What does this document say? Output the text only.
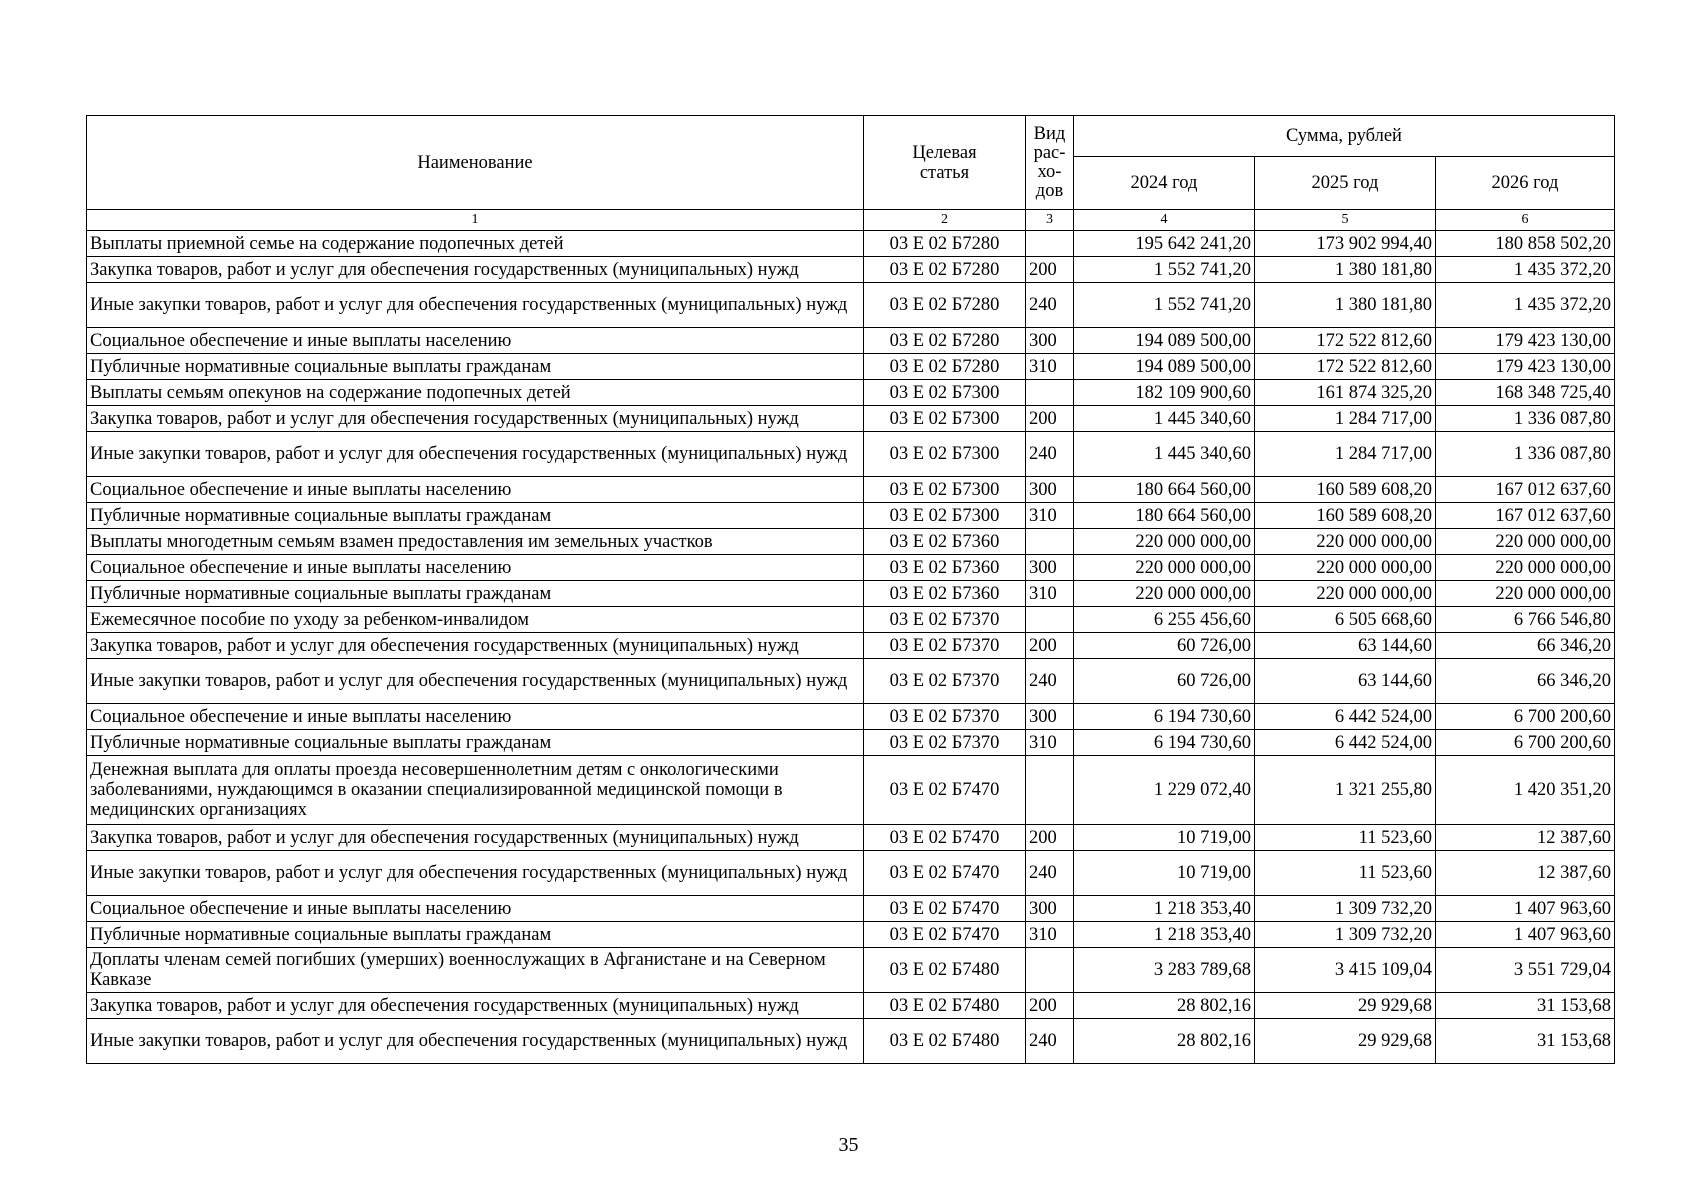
Наименование	Целевая статья	Вид
рас-
хо-
дов	Сумма, рублей		
			2024 год	2025 год	2026 год
1	2	3	4	5	6
Выплаты приемной семье на содержание подопечных детей	03 Е 02 Б7280		195 642 241,20	173 902 994,40	180 858 502,20
Закупка товаров, работ и услуг для обеспечения государственных (муниципальных) нужд	03 Е 02 Б7280	200	1 552 741,20	1 380 181,80	1 435 372,20
Иные закупки товаров, работ и услуг для обеспечения государственных (муниципальных) нужд	03 Е 02 Б7280	240	1 552 741,20	1 380 181,80	1 435 372,20
Социальное обеспечение и иные выплаты населению	03 Е 02 Б7280	300	194 089 500,00	172 522 812,60	179 423 130,00
Публичные нормативные социальные выплаты гражданам	03 Е 02 Б7280	310	194 089 500,00	172 522 812,60	179 423 130,00
Выплаты семьям опекунов на содержание подопечных детей	03 Е 02 Б7300		182 109 900,60	161 874 325,20	168 348 725,40
Закупка товаров, работ и услуг для обеспечения государственных (муниципальных) нужд	03 Е 02 Б7300	200	1 445 340,60	1 284 717,00	1 336 087,80
Иные закупки товаров, работ и услуг для обеспечения государственных (муниципальных) нужд	03 Е 02 Б7300	240	1 445 340,60	1 284 717,00	1 336 087,80
Социальное обеспечение и иные выплаты населению	03 Е 02 Б7300	300	180 664 560,00	160 589 608,20	167 012 637,60
Публичные нормативные социальные выплаты гражданам	03 Е 02 Б7300	310	180 664 560,00	160 589 608,20	167 012 637,60
Выплаты многодетным семьям взамен предоставления им земельных участков	03 Е 02 Б7360		220 000 000,00	220 000 000,00	220 000 000,00
Социальное обеспечение и иные выплаты населению	03 Е 02 Б7360	300	220 000 000,00	220 000 000,00	220 000 000,00
Публичные нормативные социальные выплаты гражданам	03 Е 02 Б7360	310	220 000 000,00	220 000 000,00	220 000 000,00
Ежемесячное пособие по уходу за ребенком-инвалидом	03 Е 02 Б7370		6 255 456,60	6 505 668,60	6 766 546,80
Закупка товаров, работ и услуг для обеспечения государственных (муниципальных) нужд	03 Е 02 Б7370	200	60 726,00	63 144,60	66 346,20
Иные закупки товаров, работ и услуг для обеспечения государственных (муниципальных) нужд	03 Е 02 Б7370	240	60 726,00	63 144,60	66 346,20
Социальное обеспечение и иные выплаты населению	03 Е 02 Б7370	300	6 194 730,60	6 442 524,00	6 700 200,60
Публичные нормативные социальные выплаты гражданам	03 Е 02 Б7370	310	6 194 730,60	6 442 524,00	6 700 200,60
Денежная выплата для оплаты проезда несовершеннолетним детям с онкологическими заболеваниями, нуждающимся в оказании специализированной медицинской помощи в медицинских организациях	03 Е 02 Б7470		1 229 072,40	1 321 255,80	1 420 351,20
Закупка товаров, работ и услуг для обеспечения государственных (муниципальных) нужд	03 Е 02 Б7470	200	10 719,00	11 523,60	12 387,60
Иные закупки товаров, работ и услуг для обеспечения государственных (муниципальных) нужд	03 Е 02 Б7470	240	10 719,00	11 523,60	12 387,60
Социальное обеспечение и иные выплаты населению	03 Е 02 Б7470	300	1 218 353,40	1 309 732,20	1 407 963,60
Публичные нормативные социальные выплаты гражданам	03 Е 02 Б7470	310	1 218 353,40	1 309 732,20	1 407 963,60
Доплаты членам семей погибших (умерших) военнослужащих в Афганистане и на Северном Кавказе	03 Е 02 Б7480		3 283 789,68	3 415 109,04	3 551 729,04
Закупка товаров, работ и услуг для обеспечения государственных (муниципальных) нужд	03 Е 02 Б7480	200	28 802,16	29 929,68	31 153,68
Иные закупки товаров, работ и услуг для обеспечения государственных (муниципальных) нужд	03 Е 02 Б7480	240	28 802,16	29 929,68	31 153,68
35
